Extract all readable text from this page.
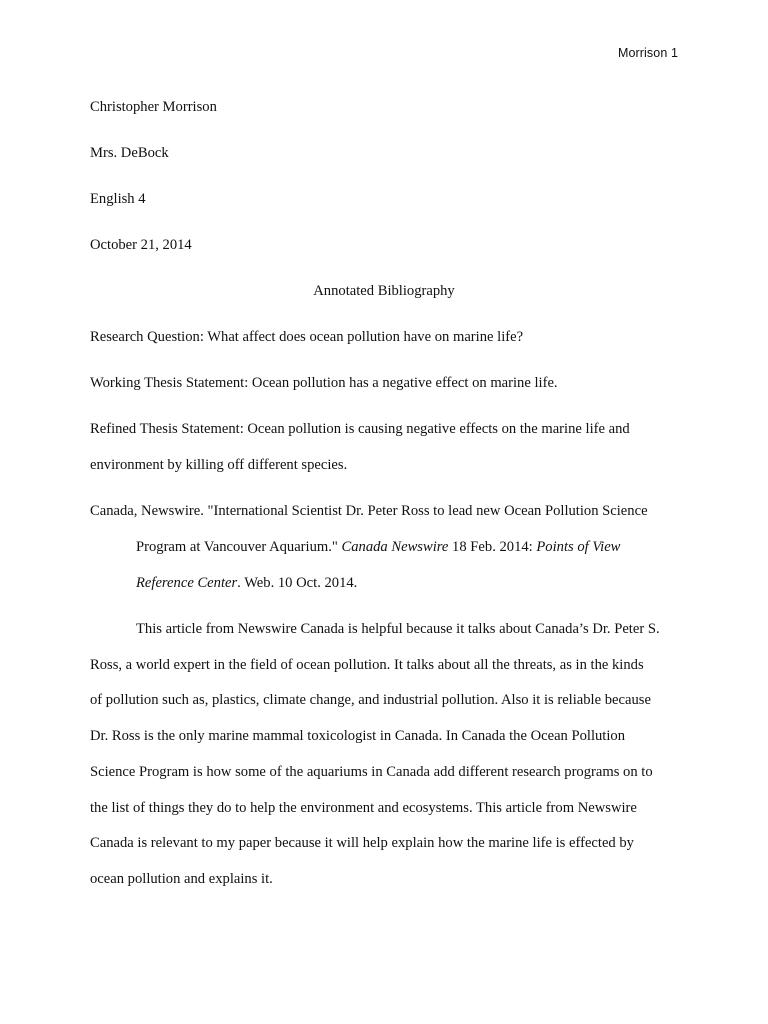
Morrison 1
Christopher Morrison
Mrs. DeBock
English 4
October 21, 2014
Annotated Bibliography
Research Question: What affect does ocean pollution have on marine life?
Working Thesis Statement: Ocean pollution has a negative effect on marine life.
Refined Thesis Statement: Ocean pollution is causing negative effects on the marine life and
environment by killing off different species.
Canada, Newswire. "International Scientist Dr. Peter Ross to lead new Ocean Pollution Science
Program at Vancouver Aquarium." Canada Newswire 18 Feb. 2014: Points of View
Reference Center. Web. 10 Oct. 2014.
This article from Newswire Canada is helpful because it talks about Canada’s Dr. Peter S.
Ross, a world expert in the field of ocean pollution. It talks about all the threats, as in the kinds
of pollution such as, plastics, climate change, and industrial pollution. Also it is reliable because
Dr. Ross is the only marine mammal toxicologist in Canada. In Canada the Ocean Pollution
Science Program is how some of the aquariums in Canada add different research programs on to
the list of things they do to help the environment and ecosystems. This article from Newswire
Canada is relevant to my paper because it will help explain how the marine life is effected by
ocean pollution and explains it.
